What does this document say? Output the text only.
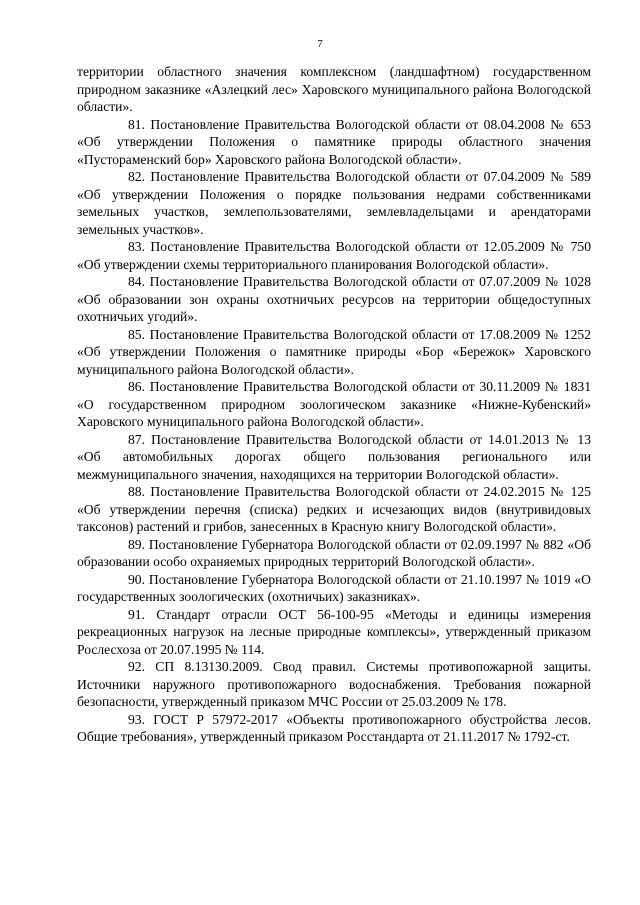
7

территории областного значения комплексном (ландшафтном) государственном природном заказнике «Азлецкий лес» Харовского муниципального района Вологодской области».

81. Постановление Правительства Вологодской области от 08.04.2008 № 653 «Об утверждении Положения о памятнике природы областного значения «Пустораменский бор» Харовского района Вологодской области».

82. Постановление Правительства Вологодской области от 07.04.2009 № 589 «Об утверждении Положения о порядке пользования недрами собственниками земельных участков, землепользователями, землевладельцами и арендаторами земельных участков».

83. Постановление Правительства Вологодской области от 12.05.2009 № 750 «Об утверждении схемы территориального планирования Вологодской области».

84. Постановление Правительства Вологодской области от 07.07.2009 № 1028 «Об образовании зон охраны охотничьих ресурсов на территории общедоступных охотничьих угодий».

85. Постановление Правительства Вологодской области от 17.08.2009 № 1252 «Об утверждении Положения о памятнике природы «Бор «Бережок» Харовского муниципального района Вологодской области».

86. Постановление Правительства Вологодской области от 30.11.2009 № 1831 «О государственном природном зоологическом заказнике «Нижне-Кубенский» Харовского муниципального района Вологодской области».

87. Постановление Правительства Вологодской области от 14.01.2013 № 13 «Об автомобильных дорогах общего пользования регионального или межмуниципального значения, находящихся на территории Вологодской области».

88. Постановление Правительства Вологодской области от 24.02.2015 № 125 «Об утверждении перечня (списка) редких и исчезающих видов (внутривидовых таксонов) растений и грибов, занесенных в Красную книгу Вологодской области».

89. Постановление Губернатора Вологодской области от 02.09.1997 № 882 «Об образовании особо охраняемых природных территорий Вологодской области».

90. Постановление Губернатора Вологодской области от 21.10.1997 № 1019 «О государственных зоологических (охотничьих) заказниках».

91. Стандарт отрасли ОСТ 56-100-95 «Методы и единицы измерения рекреационных нагрузок на лесные природные комплексы», утвержденный приказом Рослесхоза от 20.07.1995 № 114.

92. СП 8.13130.2009. Свод правил. Системы противопожарной защиты. Источники наружного противопожарного водоснабжения. Требования пожарной безопасности, утвержденный приказом МЧС России от 25.03.2009 № 178.

93. ГОСТ Р 57972-2017 «Объекты противопожарного обустройства лесов. Общие требования», утвержденный приказом Росстандарта от 21.11.2017 № 1792-ст.
